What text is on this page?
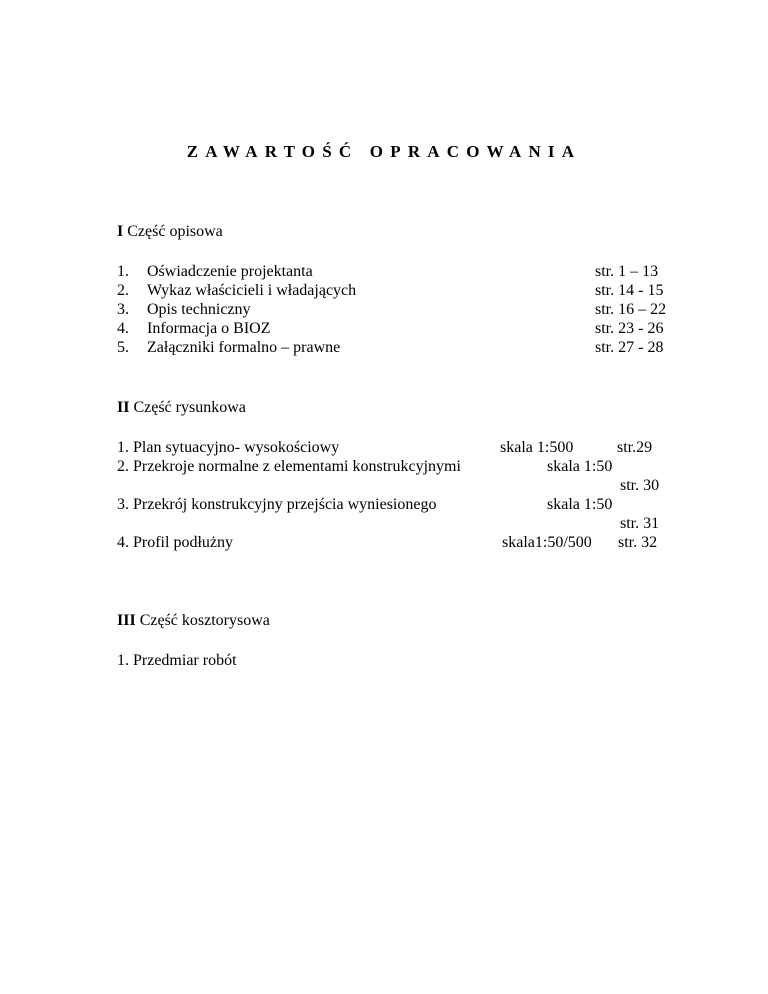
ZAWARTOŚĆ OPRACOWANIA
I Część opisowa
1. Oświadczenie projektanta	str. 1 – 13
2. Wykaz właścicieli i władających	str. 14 - 15
3. Opis techniczny	str. 16 – 22
4. Informacja o BIOZ	str. 23 - 26
5. Załączniki formalno – prawne	str. 27 - 28
II Część rysunkowa
1. Plan sytuacyjno- wysokościowy	skala 1:500	str.29
2. Przekroje normalne z elementami konstrukcyjnymi	skala 1:50
str. 30
3. Przekrój konstrukcyjny przejścia wyniesionego	skala 1:50
str. 31
4. Profil podłużny	skala1:50/500 str. 32
III Część kosztorysowa
1. Przedmiar robót
